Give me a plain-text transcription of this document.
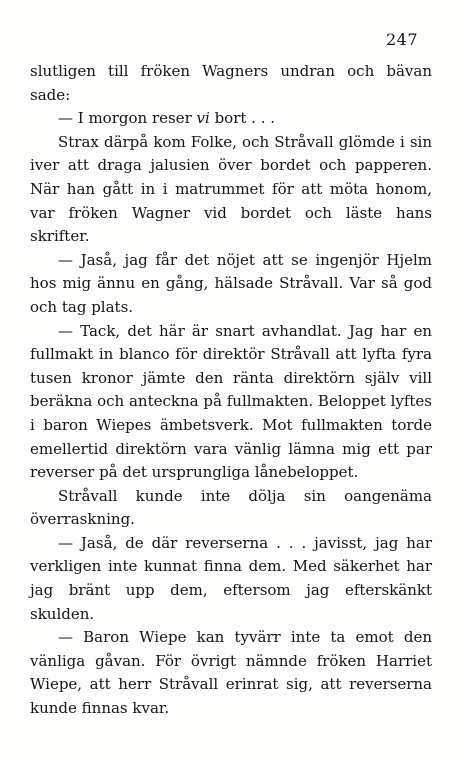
247

slutligen till fröken Wagners undran och bävan sade:

— I morgon reser vi bort . . .

Strax därpå kom Folke, och Stråvall glömde i sin iver att draga jalusien över bordet och papperen. När han gått in i matrummet för att möta honom, var fröken Wagner vid bordet och läste hans skrifter.

— Jaså, jag får det nöjet att se ingenjör Hjelm hos mig ännu en gång, hälsade Stråvall. Var så god och tag plats.

— Tack, det här är snart avhandlat. Jag har en fullmakt in blanco för direktör Stråvall att lyfta fyra tusen kronor jämte den ränta direktörn själv vill beräkna och anteckna på fullmakten. Beloppet lyftes i baron Wiepes ämbetsverk. Mot fullmakten torde emellertid direktörn vara vänlig lämna mig ett par reverser på det ursprungliga lånebeloppet.

Stråvall kunde inte dölja sin oangenäma överraskning.

— Jaså, de där reverserna . . . javisst, jag har verkligen inte kunnat finna dem. Med säkerhet har jag bränt upp dem, eftersom jag efterskänkt skulden.

— Baron Wiepe kan tyvärr inte ta emot den vänliga gåvan. För övrigt nämnde fröken Harriet Wiepe, att herr Stråvall erinrat sig, att reverserna kunde finnas kvar.
